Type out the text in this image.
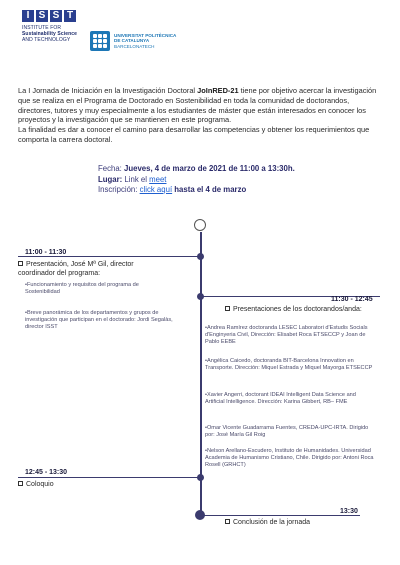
I S S T
INSTITUTE FOR
Sustainability Science
AND TECHNOLOGY
UNIVERSITAT POLITÈCNICA
DE CATALUNYA
BARCELONATECH
La I Jornada de Iniciación en la Investigación Doctoral JoInRED-21 tiene por objetivo acercar la investigación que se realiza en el Programa de Doctorado en Sostenibilidad en toda la comunidad de doctorandos, directores, tutores y muy especialmente a los estudiantes de máster que están interesados en conocer los proyectos y la investigación que se mantienen en este programa.
La finalidad es dar a conocer el camino para desarrollar las competencias y obtener los requerimientos que comporta la carrera doctoral.
Fecha: Jueves, 4 de marzo de 2021 de 11:00 a 13:30h.
Lugar: Link el meet
Inscripción: click aquí hasta el 4 de marzo
11:00 - 11:30
Presentación, José Mª Gil, director coordinador del programa:
•Funcionamiento y requisitos del programa de Sostenibilidad
•Breve panorámica de los departamentos y grupos de investigación que participan en el doctorado: Jordi Segalàs, director ISST
11:30 - 12:45
Presentaciones de los doctorandos/anda:
•Andrea Ramírez doctoranda LESEC Laboratori d'Estudis Socials d'Enginyeria Civil, Dirección: Elisabet Roca ETSECCP y Joan de Pablo EEBE
•Angélica Caicedo, doctoranda BIT-Barcelona Innovation en Transporte. Dirección: Miquel Estrada y Miquel Mayorga ETSECCP
•Xavier Angerri, doctorant IDEAI Intelligent Data Science and Artificial Intelligence. Dirección: Karina Gibbert, RB– FME
•Omar Vicente Guadarrama Fuentes, CREDA-UPC-IRTA. Dirigido por: José María Gil Roig
•Nelson Arellano-Escudero, Instituto de Humanidades. Universidad Academia de Humanismo Cristiano, Chile. Dirigido por: Antoni Roca Rosell (GRHCT)
12:45 - 13:30
Coloquio
13:30
Conclusión de la jornada
